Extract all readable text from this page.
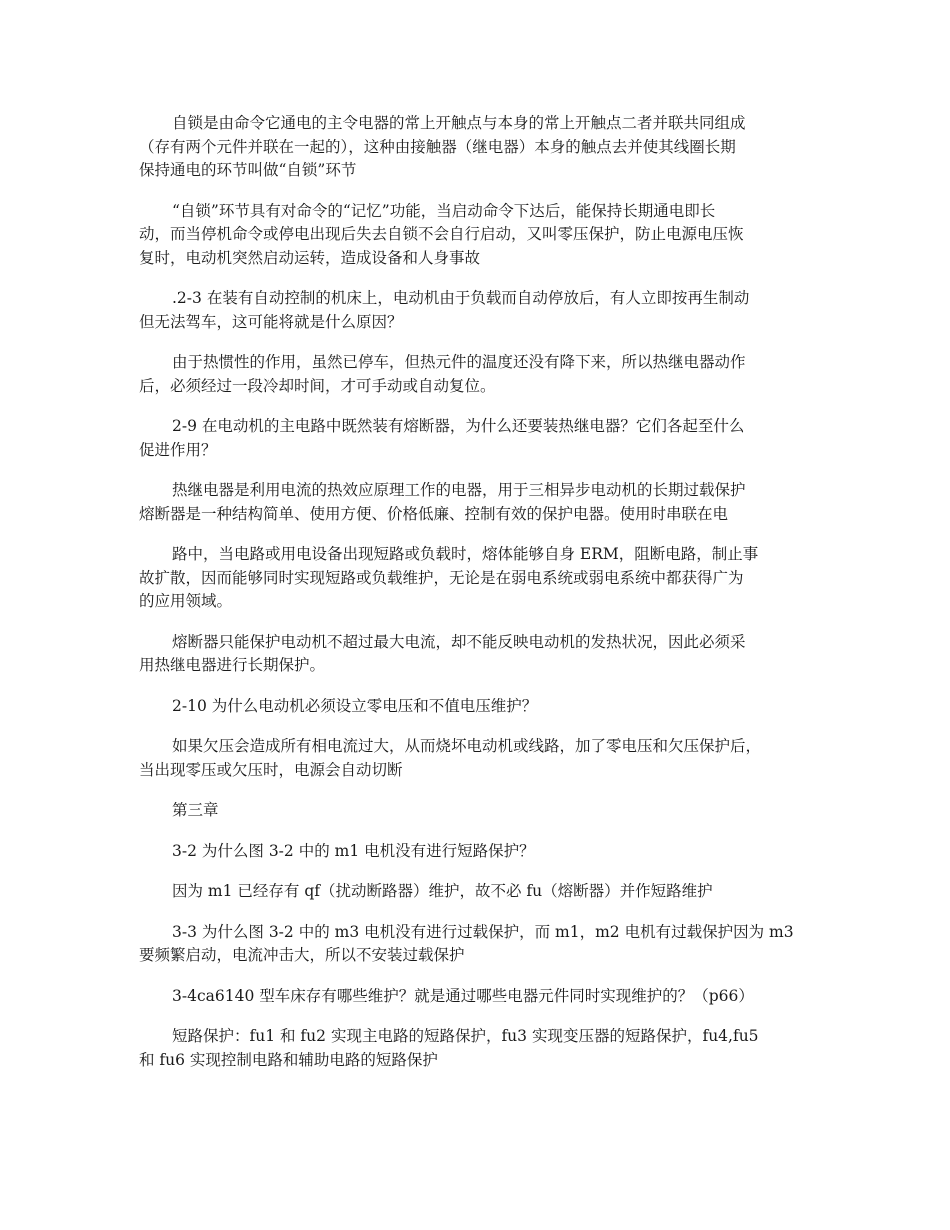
自锁是由命令它通电的主令电器的常上开触点与本身的常上开触点二者并联共同组成
（存有两个元件并联在一起的），这种由接触器（继电器）本身的触点去并使其线圈长期
保持通电的环节叫做“自锁”环节
“自锁”环节具有对命令的“记忆”功能，当启动命令下达后，能保持长期通电即长
动，而当停机命令或停电出现后失去自锁不会自行启动，又叫零压保护，防止电源电压恢
复时，电动机突然启动运转，造成设备和人身事故
.2-3 在装有自动控制的机床上，电动机由于负载而自动停放后，有人立即按再生制动
但无法驾车，这可能将就是什么原因？
由于热惯性的作用，虽然已停车，但热元件的温度还没有降下来，所以热继电器动作
后，必须经过一段冷却时间，才可手动或自动复位。
2-9 在电动机的主电路中既然装有熔断器，为什么还要装热继电器？它们各起至什么
促进作用？
热继电器是利用电流的热效应原理工作的电器，用于三相异步电动机的长期过载保护
熔断器是一种结构简单、使用方便、价格低廉、控制有效的保护电器。使用时串联在电
路中，当电路或用电设备出现短路或负载时，熔体能够自身 ERM，阻断电路，制止事
故扩散，因而能够同时实现短路或负载维护，无论是在弱电系统或弱电系统中都获得广为
的应用领域。
熔断器只能保护电动机不超过最大电流，却不能反映电动机的发热状况，因此必须采
用热继电器进行长期保护。
2-10 为什么电动机必须设立零电压和不值电压维护？
如果欠压会造成所有相电流过大，从而烧坏电动机或线路，加了零电压和欠压保护后，
当出现零压或欠压时，电源会自动切断
第三章
3-2 为什么图 3-2 中的 m1 电机没有进行短路保护？
因为 m1 已经存有 qf（扰动断路器）维护，故不必 fu（熔断器）并作短路维护
3-3 为什么图 3-2 中的 m3 电机没有进行过载保护，而 m1，m2 电机有过载保护因为 m3
要频繁启动，电流冲击大，所以不安装过载保护
3-4ca6140 型车床存有哪些维护？就是通过哪些电器元件同时实现维护的？（p66）
短路保护：fu1 和 fu2 实现主电路的短路保护，fu3 实现变压器的短路保护，fu4,fu5
和 fu6 实现控制电路和辅助电路的短路保护
